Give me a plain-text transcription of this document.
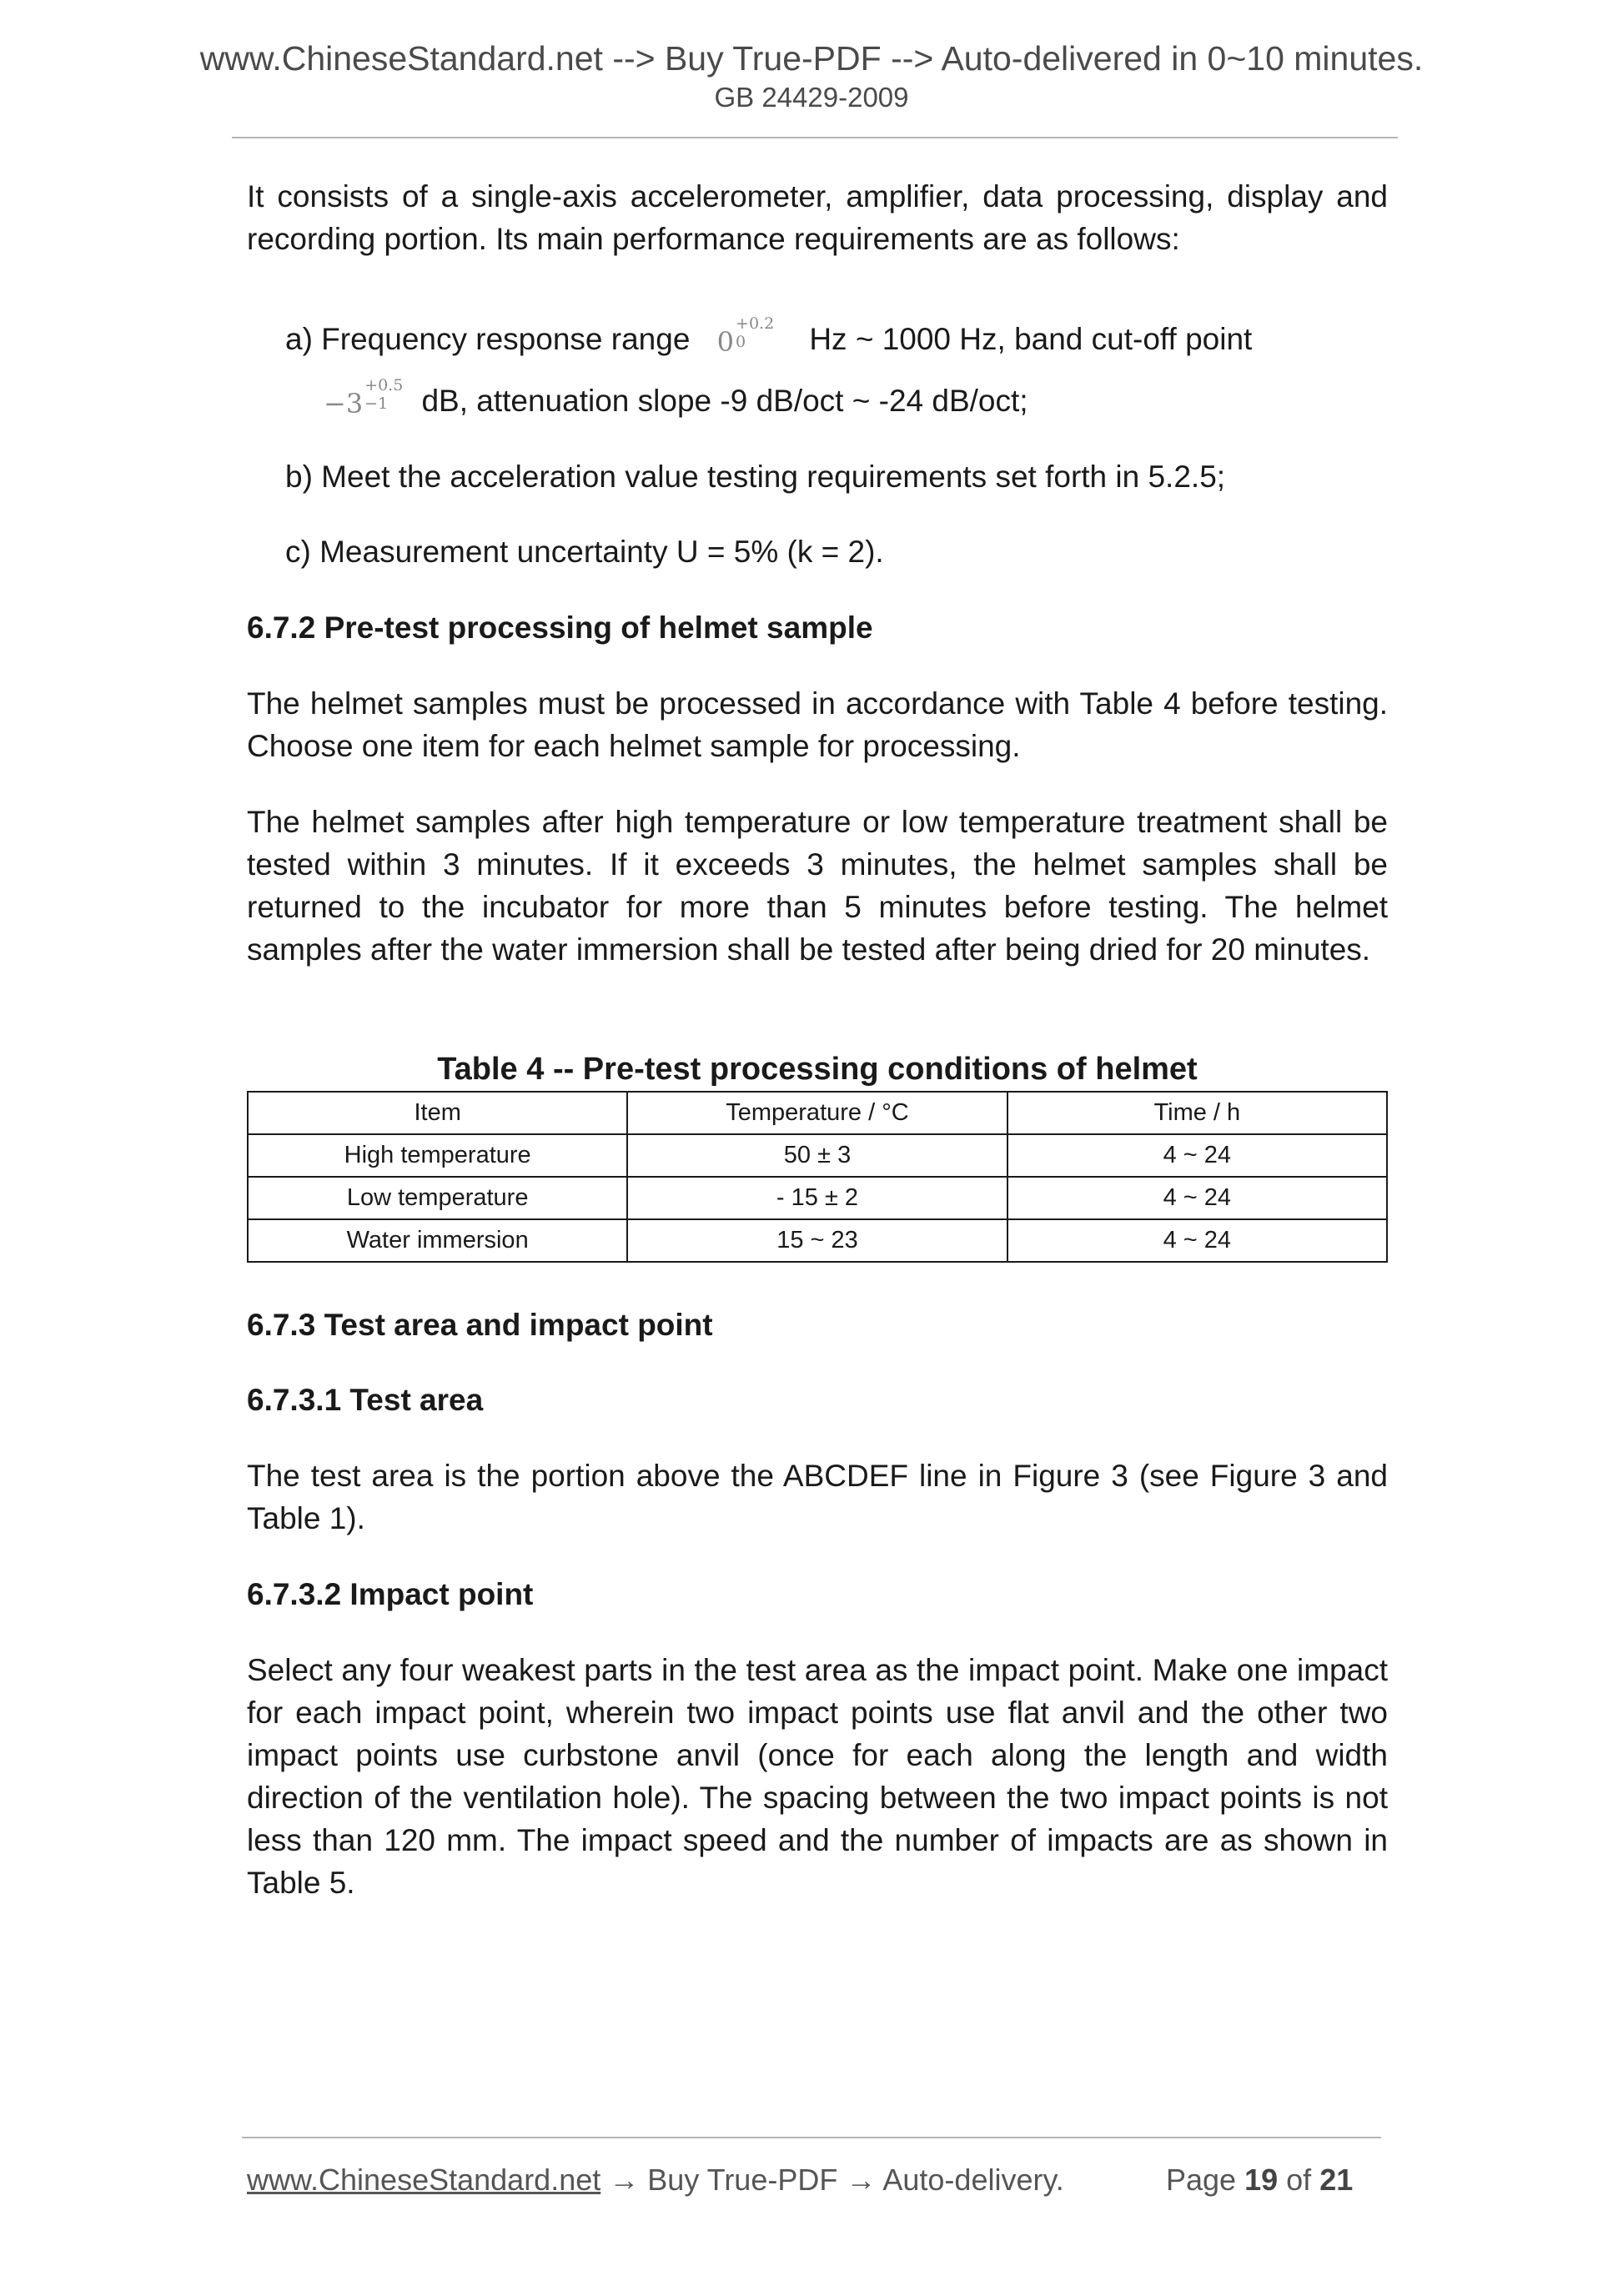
www.ChineseStandard.net --> Buy True-PDF --> Auto-delivered in 0~10 minutes.
GB 24429-2009

It consists of a single-axis accelerometer, amplifier, data processing, display and recording portion. Its main performance requirements are as follows:

a) Frequency response range 0
+0.2
0 Hz ~ 1000 Hz, band cut-off point

−3
+0.5
−1 dB, attenuation slope -9 dB/oct ~ -24 dB/oct;

b) Meet the acceleration value testing requirements set forth in 5.2.5;

c) Measurement uncertainty U = 5% (k = 2).

6.7.2 Pre-test processing of helmet sample

The helmet samples must be processed in accordance with Table 4 before testing. Choose one item for each helmet sample for processing.

The helmet samples after high temperature or low temperature treatment shall be tested within 3 minutes. If it exceeds 3 minutes, the helmet samples shall be returned to the incubator for more than 5 minutes before testing. The helmet samples after the water immersion shall be tested after being dried for 20 minutes.

Table 4 -- Pre-test processing conditions of helmet
Item	Temperature / °C	Time / h
High temperature	50 ± 3	4 ~ 24
Low temperature	- 15 ± 2	4 ~ 24
Water immersion	15 ~ 23	4 ~ 24

6.7.3 Test area and impact point

6.7.3.1 Test area

The test area is the portion above the ABCDEF line in Figure 3 (see Figure 3 and Table 1).

6.7.3.2 Impact point

Select any four weakest parts in the test area as the impact point. Make one impact for each impact point, wherein two impact points use flat anvil and the other two impact points use curbstone anvil (once for each along the length and width direction of the ventilation hole). The spacing between the two impact points is not less than 120 mm. The impact speed and the number of impacts are as shown in Table 5.

www.ChineseStandard.net → Buy True-PDF → Auto-delivery.	Page 19 of 21
